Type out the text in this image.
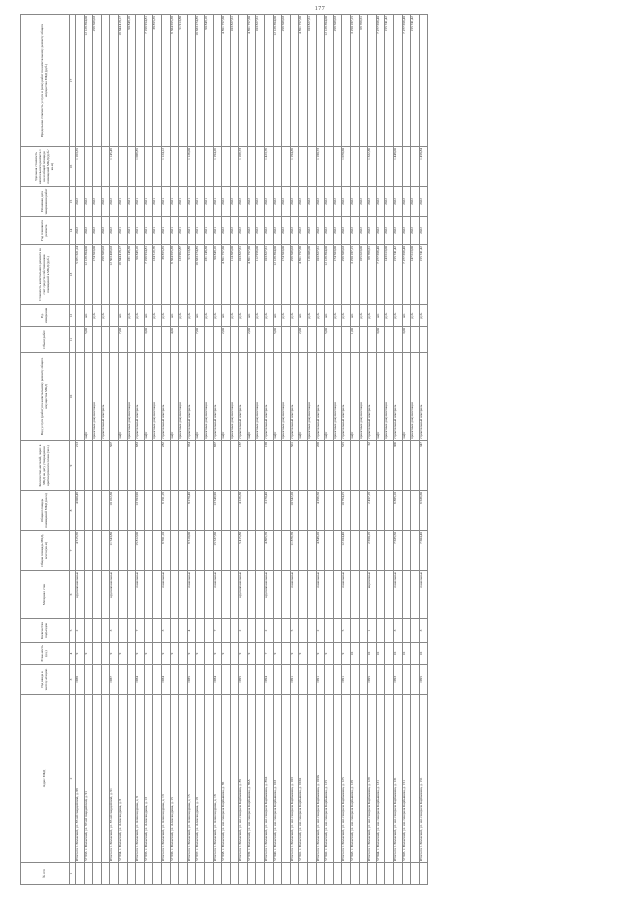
177
№ п/п	Адрес МКД	Год ввода в эксплу-атацию	Этаж-ность (ед.)	Количество подъездов	Материал стен	Общая площадь МКД, всего (кв.м)	Общая площадь помещений МКД (кв.м)	Количество жителей, зарег. в МКД на дату утверждения краткосрочного плана (чел.)	Вид услуги (работ) по капитальному ремонту общего имущества МКД	Объем работ	Ед. измерения	Стоимость капитального ремонта за счет средств собственников помещений в МКД (руб.)	Год планового ремонта	Плановая дата завершения работ	Удельная стоимость капитального ремонта 1 кв.м общей площади помещений МКД (руб./кв.м)	Предельная стоимость услуги и (или) работ по капитальному ремонту общего имущества МКД (руб.)
1	2	3	4	5	6	7	8	9	10	11	12	13	14	15	16	17
	Итого по г. Волжский, ул. 87-ой гвардейской, д. 89	1988	9	2	крупнопанельные	4 515,59	4 000,49	213				5 071 621,24	2022	2022	1 163,35	
	57 833. г. Волжский, ул. 87-ой гвардейской, д. 91		9						лифт	5,00	шт.	12 129 394,00	2022	2022		12 129 394,00
									проектные документации		руб.	174 503,00	2022	2022		259 509,03
									строительный контроль		руб.	259 509,03	2022	2022		
	Итого по г. Волжский, ул. 87-ой гвардейской, д. 91	1987	9	3	крупнопанельные	11 543,80	10 162,30	507				12 563 406,03	2022	2022	1 145,49	
	57 834. г. Волжский, ул. Александрова, д. 8		9						лифт	7,00	шт.	16 644 418,17	2021	2021		16 644 418,17
									проектные документации		руб.	231 148,30	2021	2021		90 849,16
	Итого по г. Волжский, ул. Александрова, д. 8	1984	9	7	панельные	15 812,00	13 703,90	683	строительный контроль		руб.	90 849,16	2021	2021	1 089,85	
	57 835. г. Волжский, ул. Александрова, д. 13		9						лифт	3,00	шт.	7 199 954,81	2021	2021		7 199 954,81
									проектные документации		руб.	134 519,76	2021	2021		38 855,35
	Итого по г. Волжский, ул. Александрова, д. 13	1984	9	3	панельные	6 591,10	6 191,19	282	строительный контроль		руб.	38 855,35	2021	2021	1 124,12	
	57 836. г. Волжский, ул. Александрова, д. 15		9						лифт	4,00	шт.	9 584 655,38	2021	2021		9 584 655,38
									проектные документации		руб.	133 962,87	2021	2021		51 913,80
	Итого по г. Волжский, ул. Александрова, д. 15	1985	9	4	панельные	9 510,00	8 270,40	354	строительный контроль		руб.	51 913,80	2021	2021	1 126,00	
	57 837. г. Волжский, ул. Александрова, д. 18		9						лифт	7,00	шт.	16 633 274,85	2021	2021		16 633 274,85
									проектные документации		руб.	231 148,30	2021	2021		90 849,16
	Итого по г. Волжский, ул. Александрова, д. 18	1984	9	7	панельные	15 537,60	13 546,90	667	строительный контроль		руб.	90 849,16	2021	2021	1 194,26	
	57 838. г. Волжский, ул. им. генерала Карбышева, д. 85		9						лифт	2,00	шт.	4 851 757,60	2022	2022		4 851 757,60
									проектные документации		руб.	114 305,00	2022	2022		103 827,61
	Итого по г. Волжский, ул. им. генерала Карбышева, д. 85	1995	9	2	крупнопанельные	5 415,80	4 226,30	187	строительный контроль		руб.	103 827,61	2022	2022	1 169,73	
	57 839. г. Волжский, ул. им. генерала Карбышева, д. 85А		9						лифт	2,00	шт.	4 851 757,60	2022	2022		4 851 757,60
									проектные документации		руб.	112 956,00	2022	2022		103 827,61
	Итого по г. Волжский, ул. им. генерала Карбышева, д. 85А	1994	7	2	крупнопанельные	4 865,70	3 270,40	168	строительный контроль		руб.	103 827,61	2022	2022	1 423,76	
	57 840. г. Волжский, ул. им. генерала Карбышева, д. 103		9						лифт	5,00	шт.	12 129 394,00	2022	2022		12 129 394,00
									проектные документации		руб.	174 503,00	2022	2022		259 509,03
	Итого по г. Волжский, ул. им. генерала Карбышева, д. 103	1991	9	5	панельные	11 876,70	10 542,20	501	строительный контроль		руб.	259 509,03	2022	2022	1 194,39	
	57 841. г. Волжский, ул. им. генерала Карбышева, д. 103А		9						лифт	2,00	шт.	4 851 757,60	2022	2022		4 851 757,60
									проектные документации		руб.	116 006,00	2022	2022		103 827,61
	Итого по г. Волжский, ул. им. генерала Карбышева, д. 103А	1991	9	2	панельные	4 848,20	4 296,50	208	строительный контроль		руб.	103 827,61	2022	2022	1 180,73	
	57 842. г. Волжский, ул. им. генерала Карбышева, д. 125		9						лифт	5,00	шт.	12 129 394,00	2022	2022		12 129 394,00
									проектные документации		руб.	174 503,00	2022	2022		259 509,03
	Итого по г. Волжский, ул. им. генерала Карбышева, д. 125	1991	9	5	панельные	12 204,40	10 794,25	525	строительный контроль		руб.	259 509,03	2022	2022	1 070,60	
	57 843. г. Волжский, ул. им. генерала Карбышева, д. 129		10						лифт	1,00	шт.	3 250 187,15	2022	2022		3 250 187,15
									проектные документации		руб.	105 023,00	2022	2022		69 766,61
	Итого по г. Волжский, ул. им. генерала Карбышева, д. 129	1995	10	1	кирпичные	2 650,19	2 457,19	62	строительный контроль		руб.	69 766,61	2022	2022	1 322,36	
	57 844. г. Волжский, ул. им. генерала Карбышева, д. 131		10						лифт	3,00	шт.	7 277 656,40	2022	2022		7 277 656,40
									проектные документации		руб.	143 013,00	2022	2022		155 741,42
	Итого по г. Волжский, ул. им. генерала Карбышева, д. 131	1993	10	3	панельные	7 635,50	6 885,10	306	строительный контроль		руб.	155 741,42	2022	2022	1 448,00	
	57 845. г. Волжский, ул. им. генерала Карбышева, д. 151		10						лифт	3,00	шт.	7 277 656,40	2022	2022		7 277 656,40
									проектные документации		руб.	147 013,00	2022	2022		155 741,42
	Итого по г. Волжский, ул. им. генерала Карбышева, д. 151	1995	10	3	панельные	7 604,40	6 636,60	347	строительный контроль		руб.	155 741,42	2022	2022	1 458,84	
